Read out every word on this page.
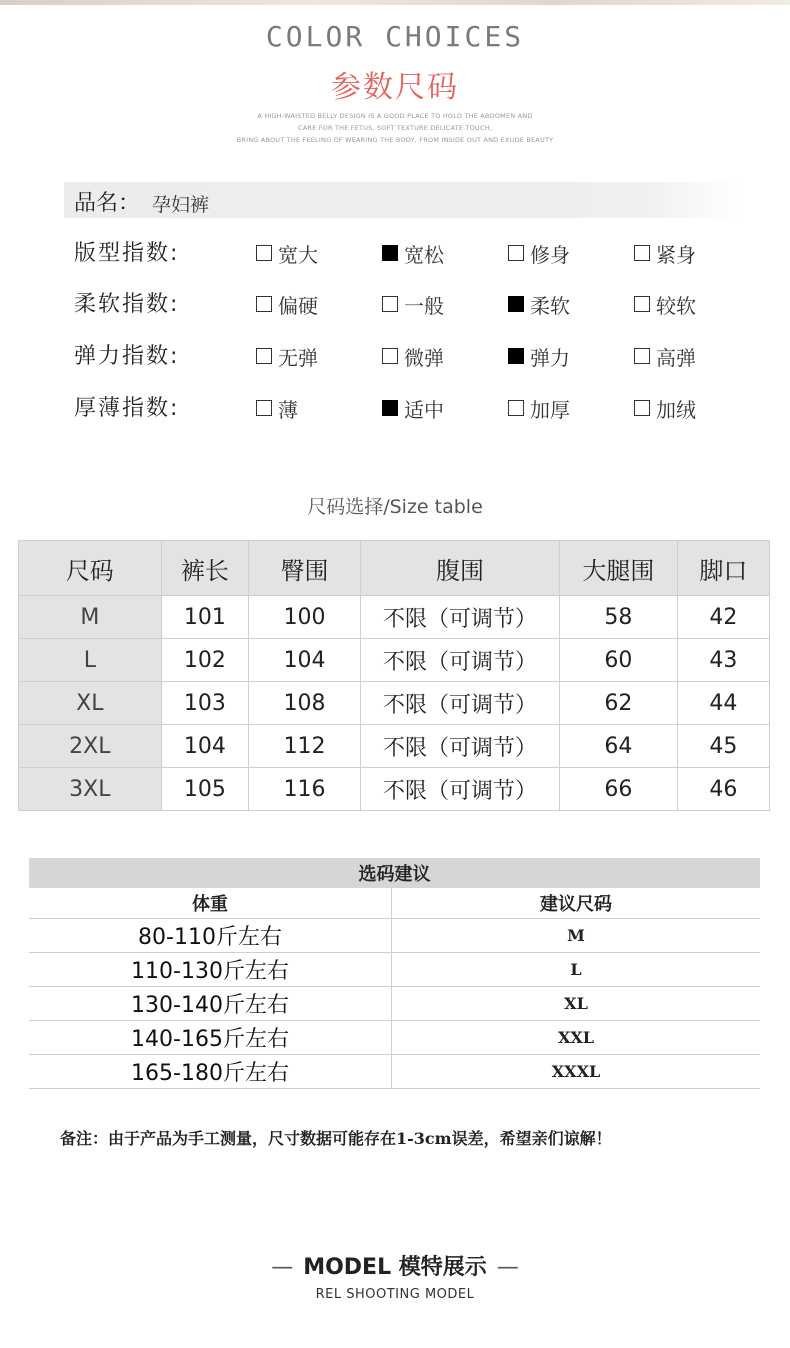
COLOR CHOICES
参数尺码
A HIGH-WAISTED BELLY DESIGN IS A GOOD PLACE TO HOLD THE ABDOMEN AND
CARE FOR THE FETUS, SOFT TEXTURE DELICATE TOUCH,
BRING ABOUT THE FEELING OF WEARING THE BODY, FROM INSIDE OUT AND EXUDE BEAUTY
品名： 孕妇裤
版型指数:	宽大	宽松	修身	紧身
柔软指数:	偏硬	一般	柔软	较软
弹力指数:	无弹	微弹	弹力	高弹
厚薄指数:	薄	适中	加厚	加绒
尺码选择/Size table
尺码	裤长	臀围	腹围	大腿围	脚口
M	101	100	不限（可调节）	58	42
L	102	104	不限（可调节）	60	43
XL	103	108	不限（可调节）	62	44
2XL	104	112	不限（可调节）	64	45
3XL	105	116	不限（可调节）	66	46
选码建议	
体重	建议尺码
80-110斤左右	M
110-130斤左右	L
130-140斤左右	XL
140-165斤左右	XXL
165-180斤左右	XXXL
备注：由于产品为手工测量，尺寸数据可能存在1-3cm误差，希望亲们谅解！
— MODEL 模特展示 —
REL SHOOTING MODEL
